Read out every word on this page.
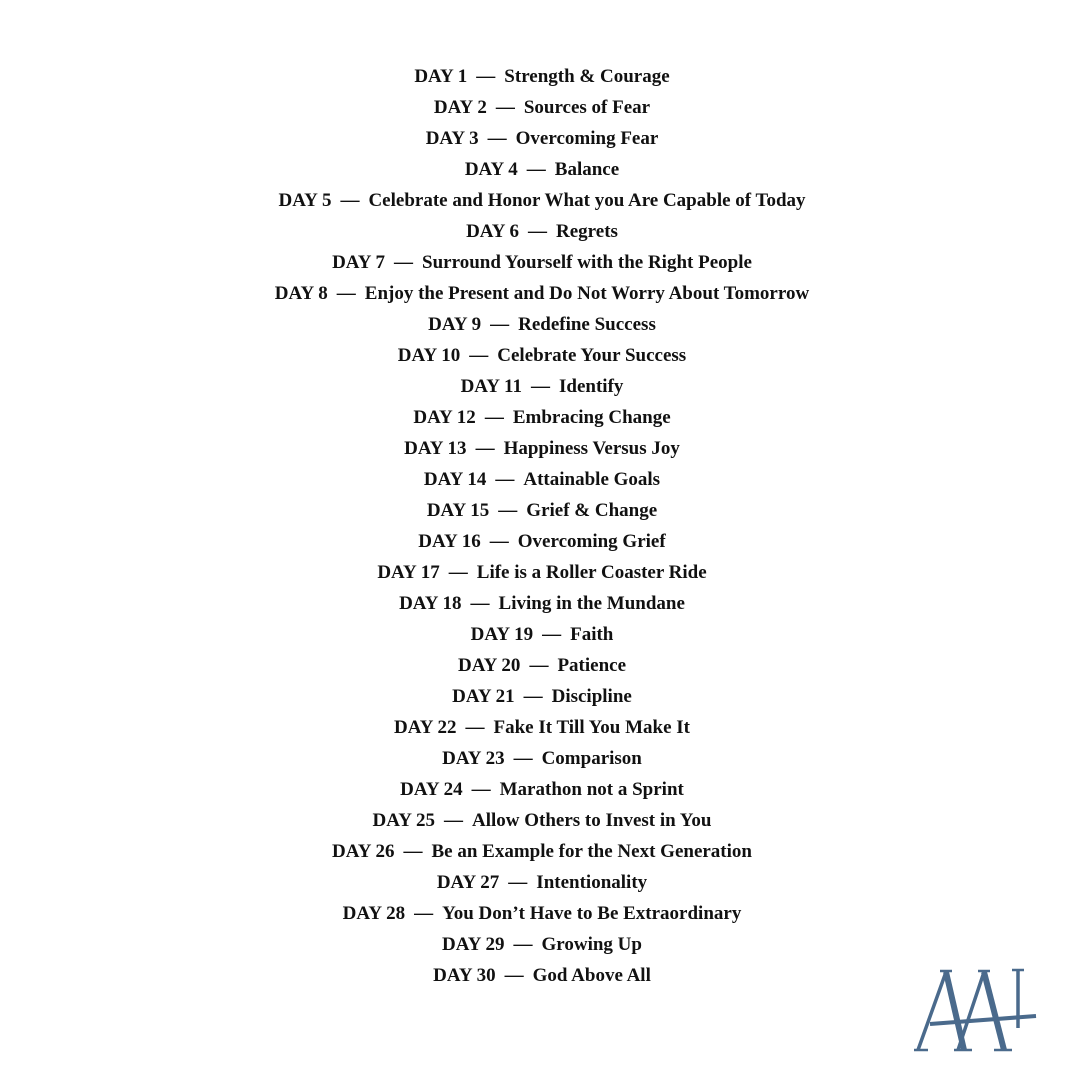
DAY 1 — Strength & Courage
DAY 2 — Sources of Fear
DAY 3 — Overcoming Fear
DAY 4 — Balance
DAY 5 — Celebrate and Honor What you Are Capable of Today
DAY 6 — Regrets
DAY 7 — Surround Yourself with the Right People
DAY 8 — Enjoy the Present and Do Not Worry About Tomorrow
DAY 9 — Redefine Success
DAY 10 — Celebrate Your Success
DAY 11 — Identify
DAY 12 — Embracing Change
DAY 13 — Happiness Versus Joy
DAY 14 — Attainable Goals
DAY 15 — Grief & Change
DAY 16 — Overcoming Grief
DAY 17 — Life is a Roller Coaster Ride
DAY 18 — Living in the Mundane
DAY 19 — Faith
DAY 20 — Patience
DAY 21 — Discipline
DAY 22 — Fake It Till You Make It
DAY 23 — Comparison
DAY 24 — Marathon not a Sprint
DAY 25 — Allow Others to Invest in You
DAY 26 — Be an Example for the Next Generation
DAY 27 — Intentionality
DAY 28 — You Don’t Have to Be Extraordinary
DAY 29 — Growing Up
DAY 30 — God Above All
